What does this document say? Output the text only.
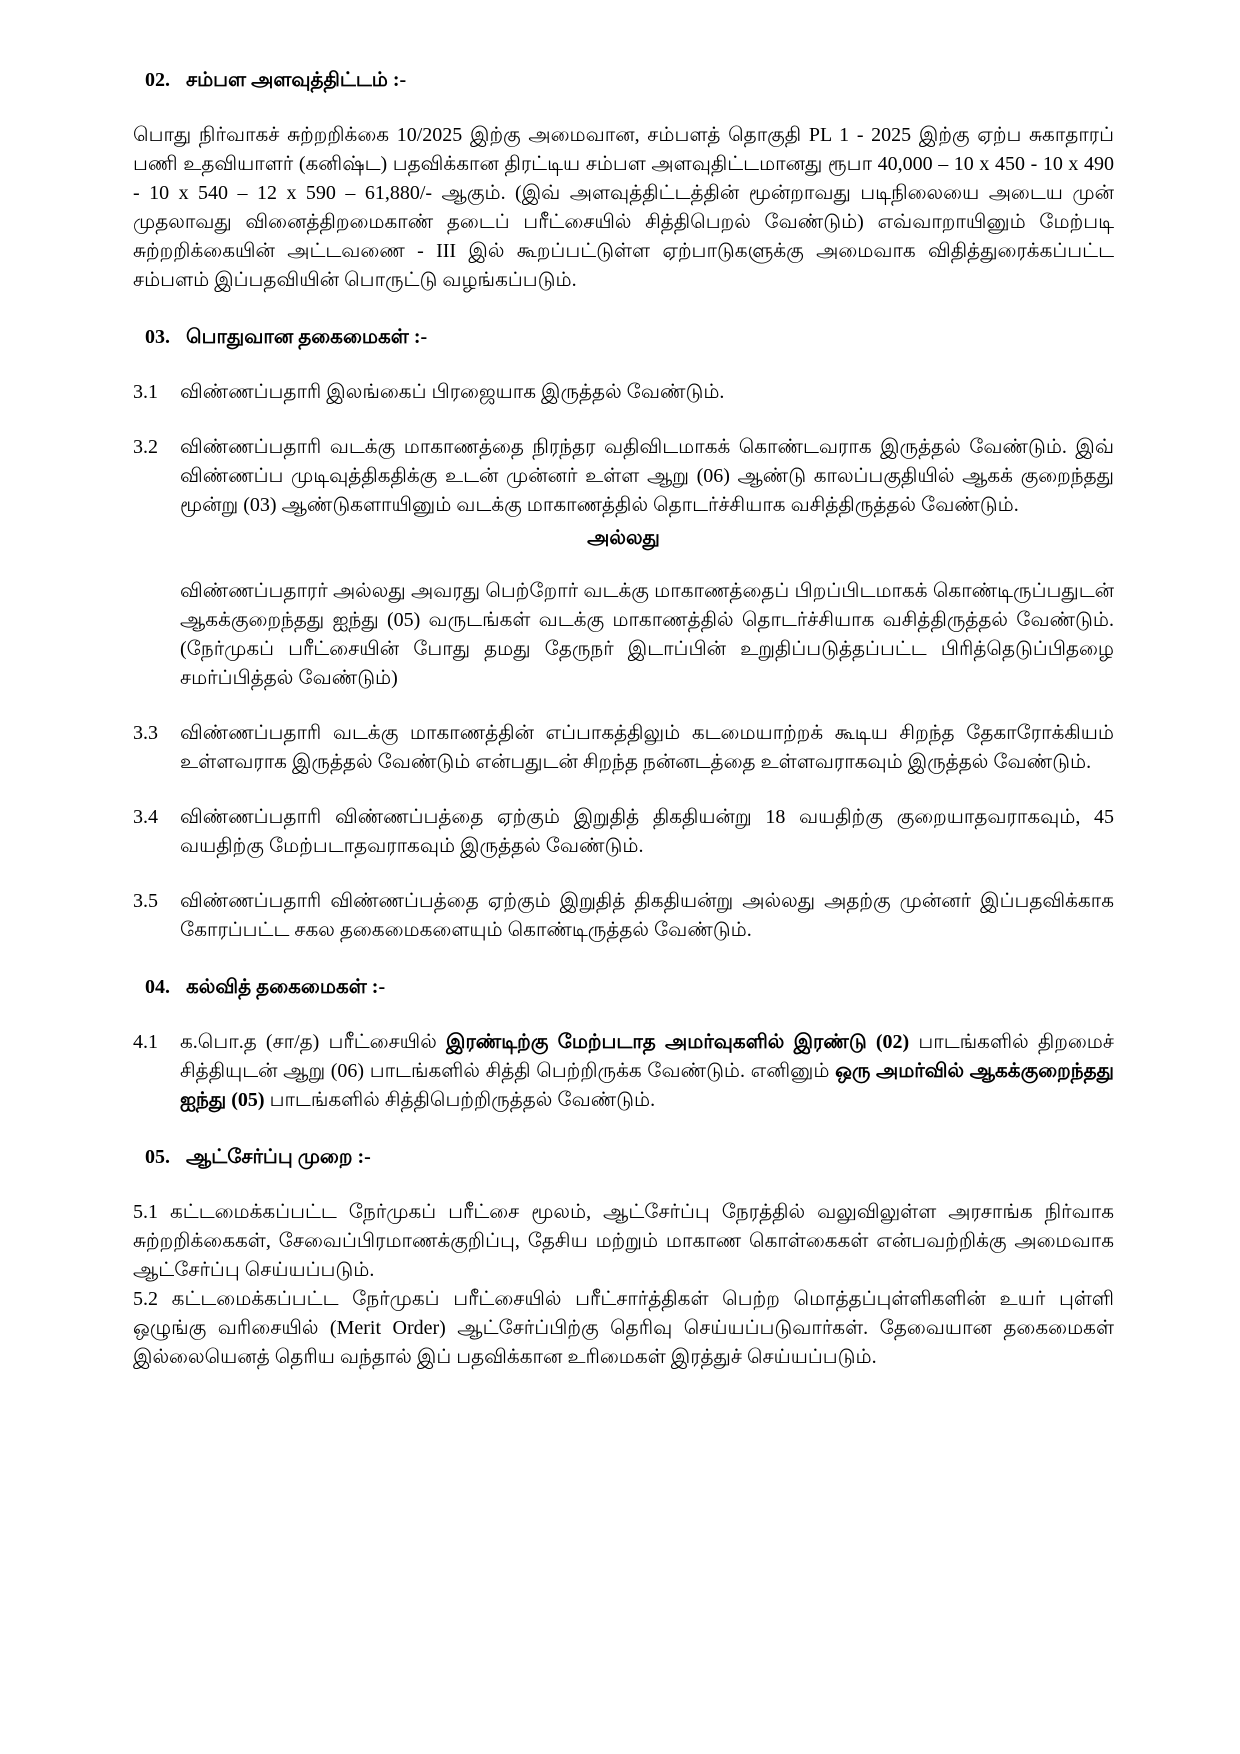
02. சம்பள அளவுத்திட்டம் :-

பொது நிர்வாகச் சுற்றறிக்கை 10/2025 இற்கு அமைவான, சம்பளத் தொகுதி PL 1 - 2025 இற்கு ஏற்ப சுகாதாரப் பணி உதவியாளர் (கனிஷ்ட) பதவிக்கான திரட்டிய சம்பள அளவுதிட்டமானது ரூபா 40,000 – 10 x 450 - 10 x 490 - 10 x 540 – 12 x 590 – 61,880/- ஆகும். (இவ் அளவுத்திட்டத்தின் மூன்றாவது படிநிலையை அடைய முன் முதலாவது வினைத்திறமைகாண் தடைப் பரீட்சையில் சித்திபெறல் வேண்டும்) எவ்வாறாயினும் மேற்படி சுற்றறிக்கையின் அட்டவணை - III இல் கூறப்பட்டுள்ள ஏற்பாடுகளுக்கு அமைவாக விதித்துரைக்கப்பட்ட சம்பளம் இப்பதவியின் பொருட்டு வழங்கப்படும்.

03. பொதுவான தகைமைகள் :-
3.1 விண்ணப்பதாரி இலங்கைப் பிரஜையாக இருத்தல் வேண்டும்.
3.2 விண்ணப்பதாரி வடக்கு மாகாணத்தை நிரந்தர வதிவிடமாகக் கொண்டவராக இருத்தல் வேண்டும். இவ் விண்ணப்ப முடிவுத்திகதிக்கு உடன் முன்னர் உள்ள ஆறு (06) ஆண்டு காலப்பகுதியில் ஆகக் குறைந்தது மூன்று (03) ஆண்டுகளாயினும் வடக்கு மாகாணத்தில் தொடர்ச்சியாக வசித்திருத்தல் வேண்டும்.
அல்லது

விண்ணப்பதாரர் அல்லது அவரது பெற்றோர் வடக்கு மாகாணத்தைப் பிறப்பிடமாகக் கொண்டிருப்பதுடன் ஆகக்குறைந்தது ஐந்து (05) வருடங்கள் வடக்கு மாகாணத்தில் தொடர்ச்சியாக வசித்திருத்தல் வேண்டும். (நேர்முகப் பரீட்சையின் போது தமது தேருநர் இடாப்பின் உறுதிப்படுத்தப்பட்ட பிரித்தெடுப்பிதழை சமர்ப்பித்தல் வேண்டும்)

3.3 விண்ணப்பதாரி வடக்கு மாகாணத்தின் எப்பாகத்திலும் கடமையாற்றக் கூடிய சிறந்த தேகாரோக்கியம் உள்ளவராக இருத்தல் வேண்டும் என்பதுடன் சிறந்த நன்னடத்தை உள்ளவராகவும் இருத்தல் வேண்டும்.
3.4 விண்ணப்பதாரி விண்ணப்பத்தை ஏற்கும் இறுதித் திகதியன்று 18 வயதிற்கு குறையாதவராகவும், 45 வயதிற்கு மேற்படாதவராகவும் இருத்தல் வேண்டும்.
3.5 விண்ணப்பதாரி விண்ணப்பத்தை ஏற்கும் இறுதித் திகதியன்று அல்லது அதற்கு முன்னர் இப்பதவிக்காக கோரப்பட்ட சகல தகைமைகளையும் கொண்டிருத்தல் வேண்டும்.
04. கல்வித் தகைமைகள் :-
4.1 க.பொ.த (சா/த) பரீட்சையில் இரண்டிற்கு மேற்படாத அமர்வுகளில் இரண்டு (02) பாடங்களில் திறமைச் சித்தியுடன் ஆறு (06) பாடங்களில் சித்தி பெற்றிருக்க வேண்டும். எனினும் ஒரு அமர்வில் ஆகக்குறைந்தது ஐந்து (05) பாடங்களில் சித்திபெற்றிருத்தல் வேண்டும்.
05. ஆட்சேர்ப்பு முறை :-

5.1 கட்டமைக்கப்பட்ட நேர்முகப் பரீட்சை மூலம், ஆட்சேர்ப்பு நேரத்தில் வலுவிலுள்ள அரசாங்க நிர்வாக சுற்றறிக்கைகள், சேவைப்பிரமாணக்குறிப்பு, தேசிய மற்றும் மாகாண கொள்கைகள் என்பவற்றிக்கு அமைவாக ஆட்சேர்ப்பு செய்யப்படும்.

5.2 கட்டமைக்கப்பட்ட நேர்முகப் பரீட்சையில் பரீட்சார்த்திகள் பெற்ற மொத்தப்புள்ளிகளின் உயர் புள்ளி ஒழுங்கு வரிசையில் (Merit Order) ஆட்சேர்ப்பிற்கு தெரிவு செய்யப்படுவார்கள். தேவையான தகைமைகள் இல்லையெனத் தெரிய வந்தால் இப் பதவிக்கான உரிமைகள் இரத்துச் செய்யப்படும்.
